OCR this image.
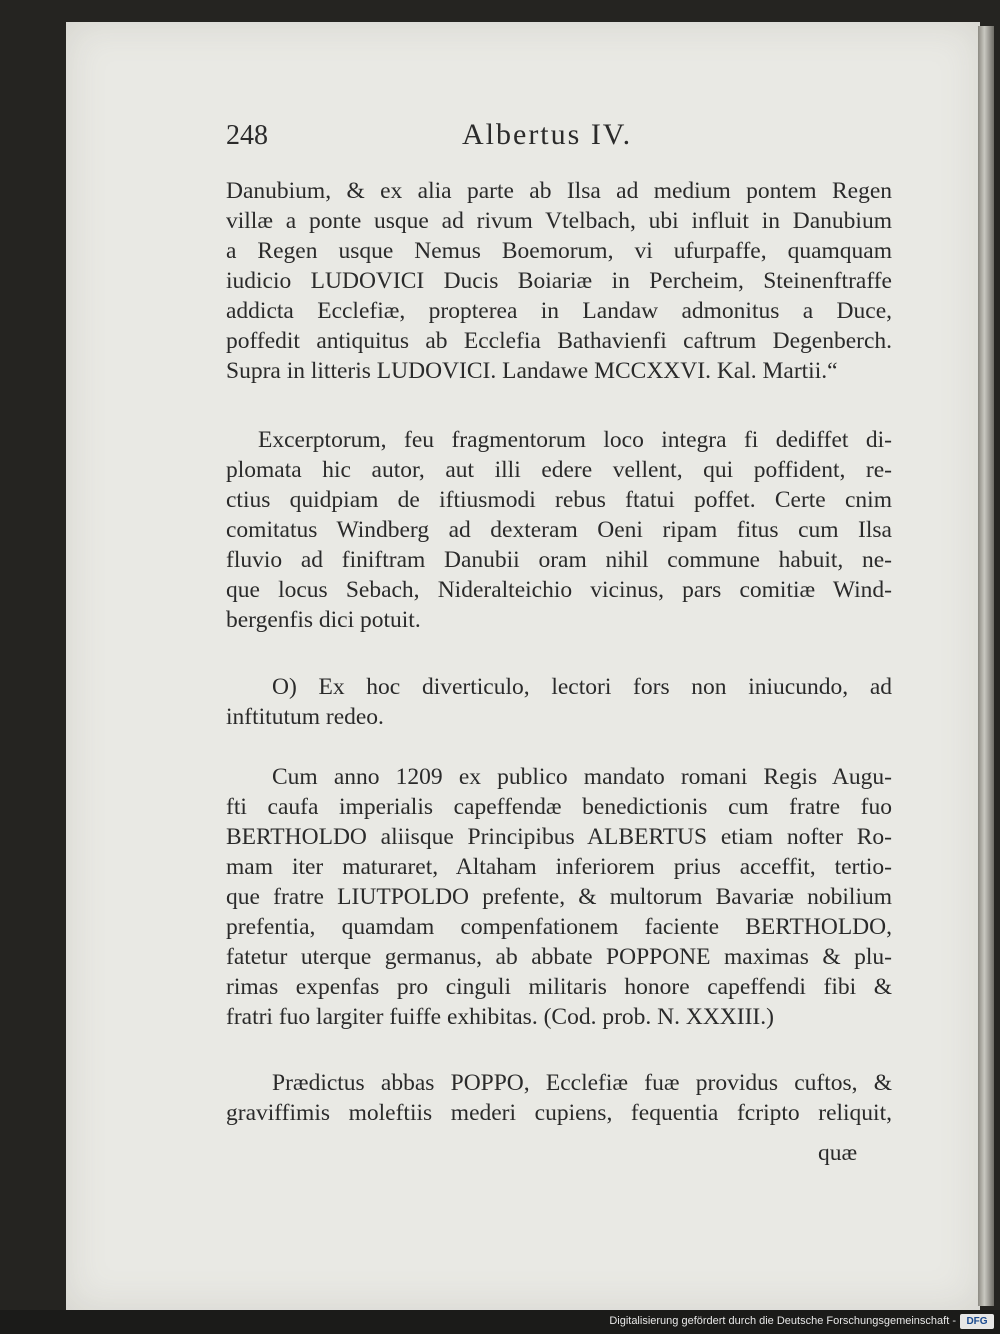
248	Albertus IV.
Danubium, & ex alia parte ab Ilsa ad medium pontem Regen
villæ a ponte usque ad rivum Vtelbach, ubi influit in Danubium
a Regen usque Nemus Boemorum, vi ufurpaffe, quamquam
iudicio LUDOVICI Ducis Boiariæ in Percheim, Steinenftraffe
addicta Ecclefiæ, propterea in Landaw admonitus a Duce,
poffedit antiquitus ab Ecclefia Bathavienfi caftrum Degenberch.
Supra in litteris LUDOVICI. Landawe MCCXXVI. Kal. Martii.“
Excerptorum, feu fragmentorum loco integra fi dediffet di-
plomata hic autor, aut illi edere vellent, qui poffident, re-
ctius quidpiam de iftiusmodi rebus ftatui poffet. Certe cnim
comitatus Windberg ad dexteram Oeni ripam fitus cum Ilsa
fluvio ad finiftram Danubii oram nihil commune habuit, ne-
que locus Sebach, Nideralteichio vicinus, pars comitiæ Wind-
bergenfis dici potuit.
O) Ex hoc diverticulo, lectori fors non iniucundo, ad
inftitutum redeo.
Cum anno 1209 ex publico mandato romani Regis Augu-
fti caufa imperialis capeffendæ benedictionis cum fratre fuo
BERTHOLDO aliisque Principibus ALBERTUS etiam nofter Ro-
mam iter maturaret, Altaham inferiorem prius acceffit, tertio-
que fratre LIUTPOLDO prefente, & multorum Bavariæ nobilium
prefentia, quamdam compenfationem faciente BERTHOLDO,
fatetur uterque germanus, ab abbate POPPONE maximas & plu-
rimas expenfas pro cinguli militaris honore capeffendi fibi &
fratri fuo largiter fuiffe exhibitas. (Cod. prob. N. XXXIII.)
Prædictus abbas POPPO, Ecclefiæ fuæ providus cuftos, &
graviffimis moleftiis mederi cupiens, fequentia fcripto reliquit,
quæ
Digitalisierung gefördert durch die Deutsche Forschungsgemeinschaft -	DFG
